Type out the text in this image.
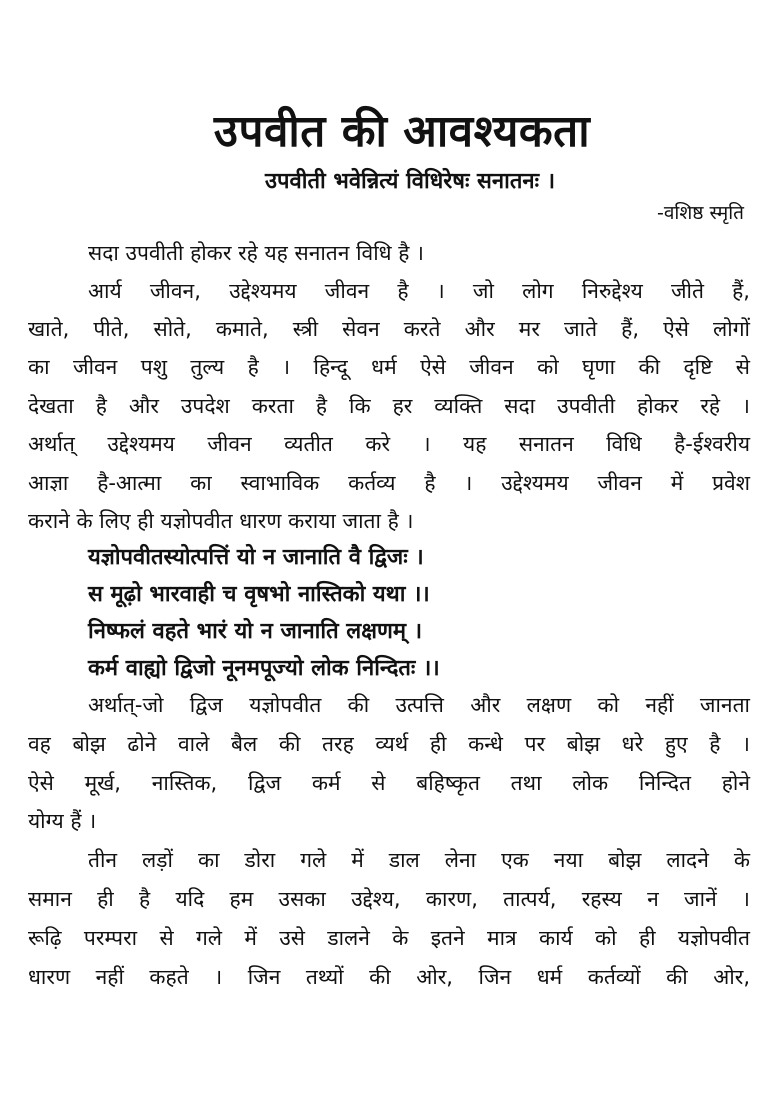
उपवीत की आवश्यकता
उपवीती भवेन्नित्यं विधिरेषः सनातनः ।
-वशिष्ठ स्मृति
सदा उपवीती होकर रहे यह सनातन विधि है ।
आर्य जीवन, उद्देश्यमय जीवन है । जो लोग निरुद्देश्य जीते हैं,
खाते, पीते, सोते, कमाते, स्त्री सेवन करते और मर जाते हैं, ऐसे लोगों
का जीवन पशु तुल्य है । हिन्दू धर्म ऐसे जीवन को घृणा की दृष्टि से
देखता है और उपदेश करता है कि हर व्यक्ति सदा उपवीती होकर रहे ।
अर्थात् उद्देश्यमय जीवन व्यतीत करे । यह सनातन विधि है-ईश्वरीय
आज्ञा है-आत्मा का स्वाभाविक कर्तव्य है । उद्देश्यमय जीवन में प्रवेश
कराने के लिए ही यज्ञोपवीत धारण कराया जाता है ।
यज्ञोपवीतस्योत्पत्तिं यो न जानाति वै द्विजः ।
स मूढ़ो भारवाही च वृषभो नास्तिको यथा ।।
निष्फलं वहते भारं यो न जानाति लक्षणम् ।
कर्म वाह्यो द्विजो नूनमपूज्यो लोक निन्दितः ।।
अर्थात्-जो द्विज यज्ञोपवीत की उत्पत्ति और लक्षण को नहीं जानता
वह बोझ ढोने वाले बैल की तरह व्यर्थ ही कन्धे पर बोझ धरे हुए है ।
ऐसे मूर्ख, नास्तिक, द्विज कर्म से बहिष्कृत तथा लोक निन्दित होने
योग्य हैं ।
तीन लड़ों का डोरा गले में डाल लेना एक नया बोझ लादने के
समान ही है यदि हम उसका उद्देश्य, कारण, तात्पर्य, रहस्य न जानें ।
रूढ़ि परम्परा से गले में उसे डालने के इतने मात्र कार्य को ही यज्ञोपवीत
धारण नहीं कहते । जिन तथ्यों की ओर, जिन धर्म कर्तव्यों की ओर,
